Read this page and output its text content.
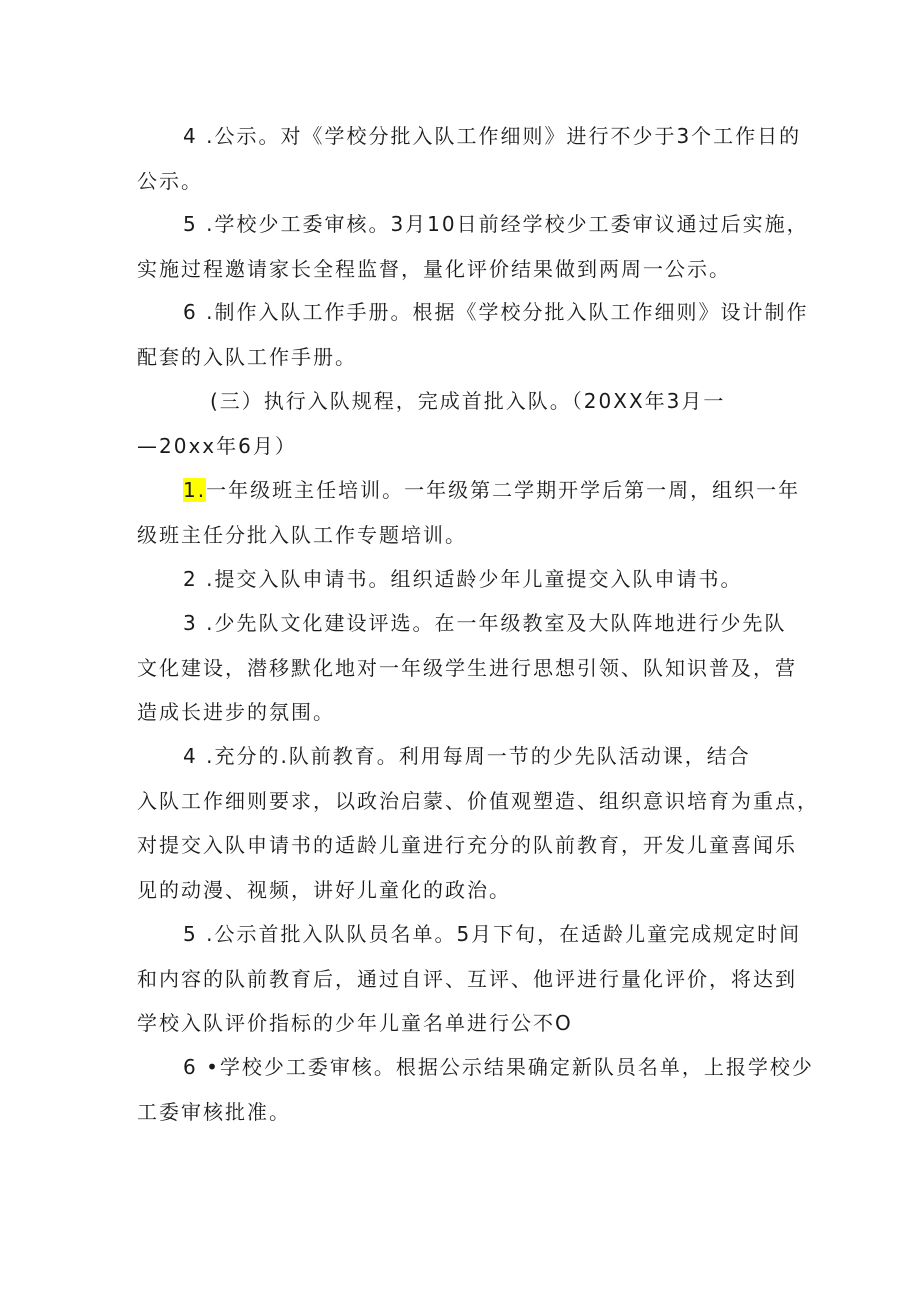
4 .公示。对《学校分批入队工作细则》进行不少于3个工作日的
公示。
5 .学校少工委审核。3月10日前经学校少工委审议通过后实施，
实施过程邀请家长全程监督，量化评价结果做到两周一公示。
6 .制作入队工作手册。根据《学校分批入队工作细则》设计制作
配套的入队工作手册。
(三）执行入队规程，完成首批入队。（20XX年3月一
—20xx年6月）
1.一年级班主任培训。一年级第二学期开学后第一周，组织一年
级班主任分批入队工作专题培训。
2 .提交入队申请书。组织适龄少年儿童提交入队申请书。
3 .少先队文化建设评选。在一年级教室及大队阵地进行少先队
文化建设，潜移默化地对一年级学生进行思想引领、队知识普及，营
造成长进步的氛围。
4 .充分的.队前教育。利用每周一节的少先队活动课，结合
入队工作细则要求，以政治启蒙、价值观塑造、组织意识培育为重点，
对提交入队申请书的适龄儿童进行充分的队前教育，开发儿童喜闻乐
见的动漫、视频，讲好儿童化的政治。
5 .公示首批入队队员名单。5月下旬，在适龄儿童完成规定时间
和内容的队前教育后，通过自评、互评、他评进行量化评价，将达到
学校入队评价指标的少年儿童名单进行公不O
6 •学校少工委审核。根据公示结果确定新队员名单，上报学校少
工委审核批准。
